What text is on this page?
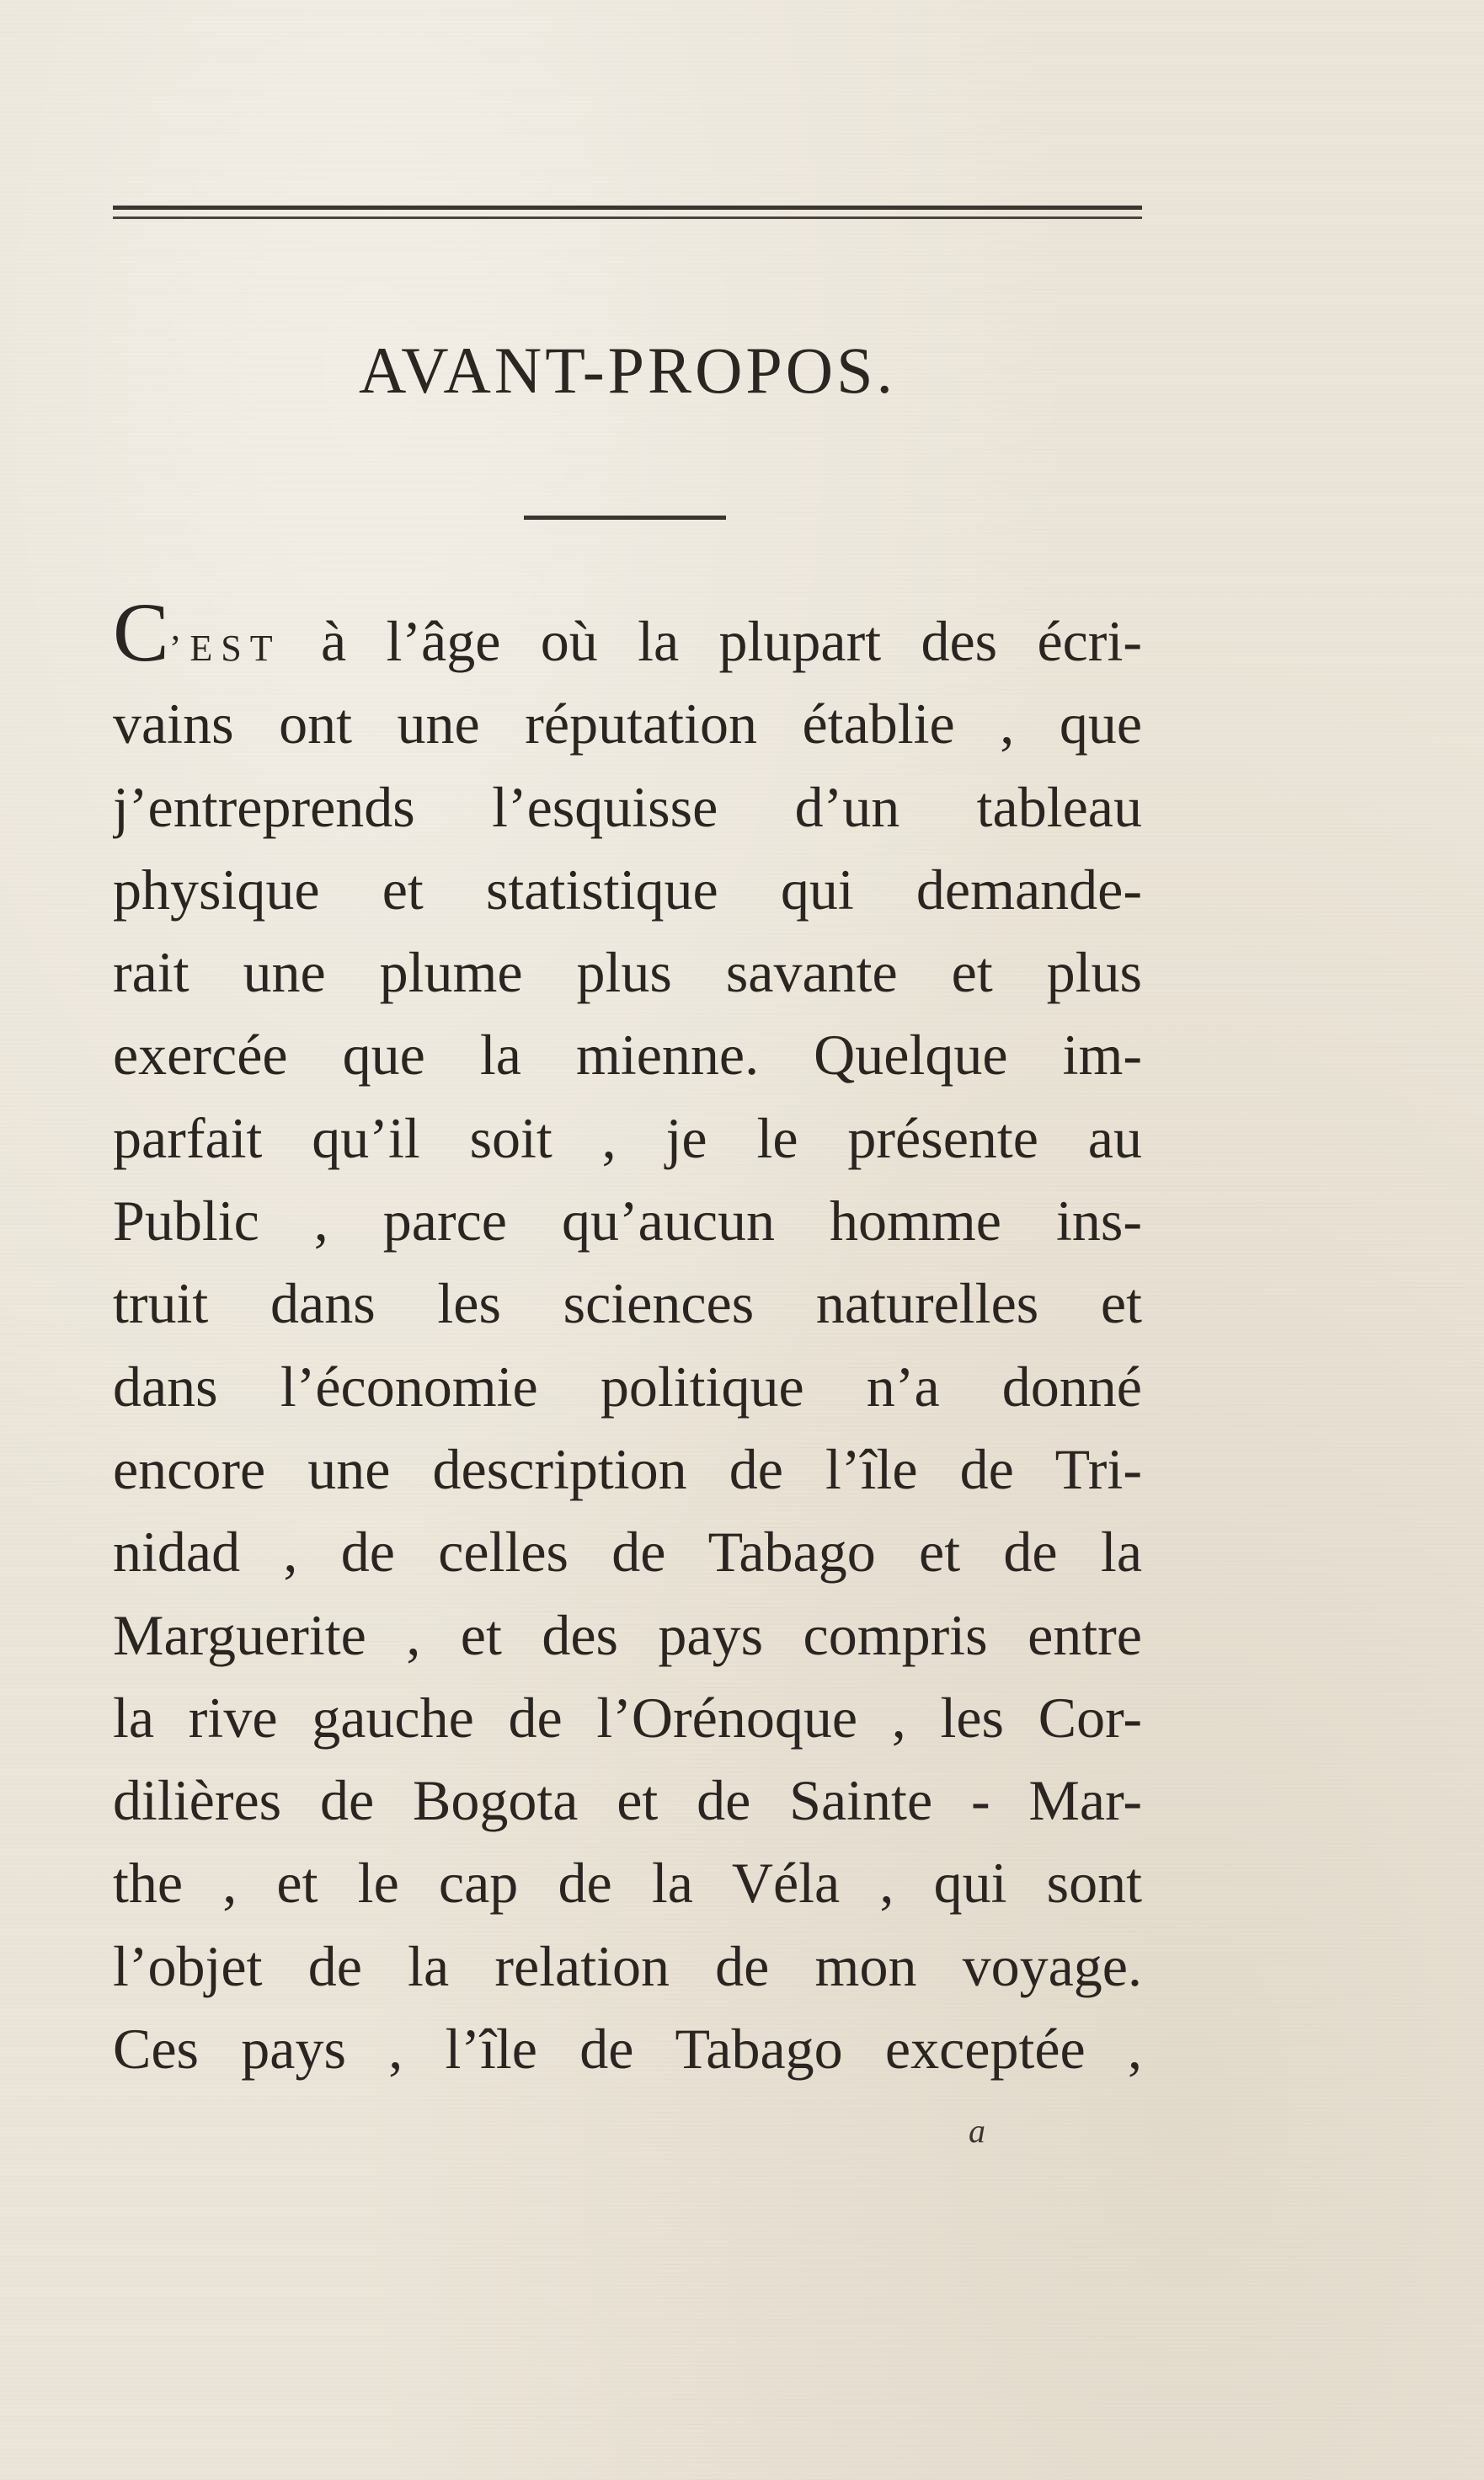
AVANT-PROPOS.
C’EST à l’âge où la plupart des écri-
vains ont une réputation établie , que
j’entreprends l’esquisse d’un tableau
physique et statistique qui demande-
rait une plume plus savante et plus
exercée que la mienne. Quelque im-
parfait qu’il soit , je le présente au
Public , parce qu’aucun homme ins-
truit dans les sciences naturelles et
dans l’économie politique n’a donné
encore une description de l’île de Tri-
nidad , de celles de Tabago et de la
Marguerite , et des pays compris entre
la rive gauche de l’Orénoque , les Cor-
dilières de Bogota et de Sainte - Mar-
the , et le cap de la Véla , qui sont
l’objet de la relation de mon voyage.
Ces pays , l’île de Tabago exceptée ,
a
